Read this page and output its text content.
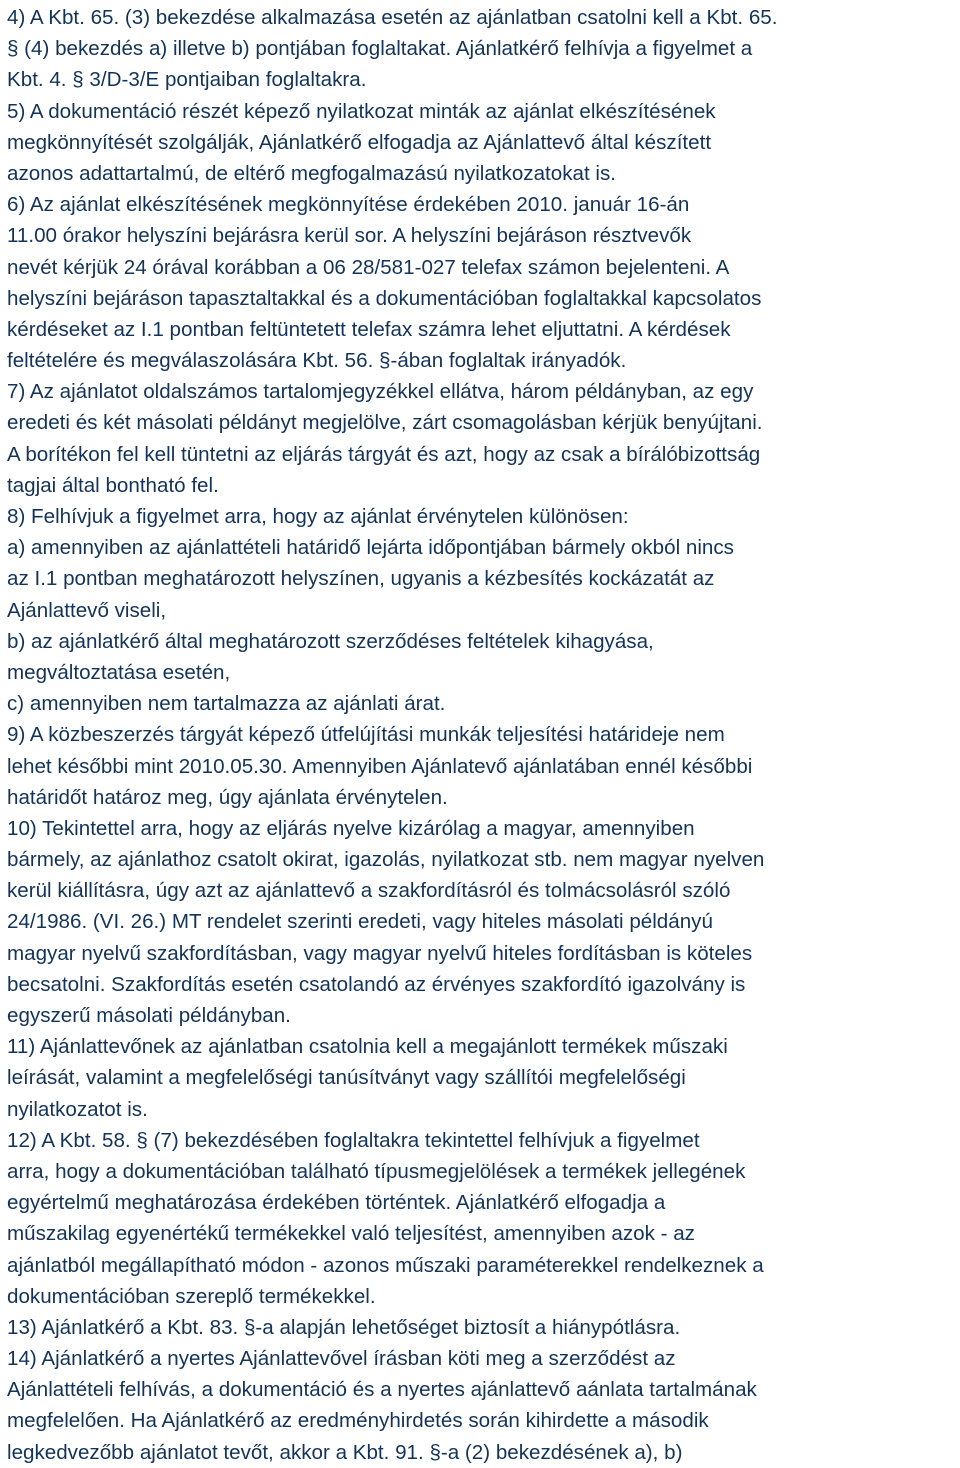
4) A Kbt. 65. (3) bekezdése alkalmazása esetén az ajánlatban csatolni kell a Kbt. 65.
§ (4) bekezdés a) illetve b) pontjában foglaltakat. Ajánlatkérő felhívja a figyelmet a
Kbt. 4. § 3/D-3/E pontjaiban foglaltakra.
5) A dokumentáció részét képező nyilatkozat minták az ajánlat elkészítésének
megkönnyítését szolgálják, Ajánlatkérő elfogadja az Ajánlattevő által készített
azonos adattartalmú, de eltérő megfogalmazású nyilatkozatokat is.
6) Az ajánlat elkészítésének megkönnyítése érdekében 2010. január 16-án
11.00 órakor helyszíni bejárásra kerül sor. A helyszíni bejáráson résztvevők
nevét kérjük 24 órával korábban a 06 28/581-027 telefax számon bejelenteni. A
helyszíni bejáráson tapasztaltakkal és a dokumentációban foglaltakkal kapcsolatos
kérdéseket az I.1 pontban feltüntetett telefax számra lehet eljuttatni. A kérdések
feltételére és megválaszolására Kbt. 56. §-ában foglaltak irányadók.
7) Az ajánlatot oldalszámos tartalomjegyzékkel ellátva, három példányban, az egy
eredeti és két másolati példányt megjelölve, zárt csomagolásban kérjük benyújtani.
A borítékon fel kell tüntetni az eljárás tárgyát és azt, hogy az csak a bírálóbizottság
tagjai által bontható fel.
8) Felhívjuk a figyelmet arra, hogy az ajánlat érvénytelen különösen:
a) amennyiben az ajánlattételi határidő lejárta időpontjában bármely okból nincs
az I.1 pontban meghatározott helyszínen, ugyanis a kézbesítés kockázatát az
Ajánlattevő viseli,
b) az ajánlatkérő által meghatározott szerződéses feltételek kihagyása,
megváltoztatása esetén,
c) amennyiben nem tartalmazza az ajánlati árat.
9) A közbeszerzés tárgyát képező útfelújítási munkák teljesítési határideje nem
lehet későbbi mint 2010.05.30. Amennyiben Ajánlatevő ajánlatában ennél későbbi
határidőt határoz meg, úgy ajánlata érvénytelen.
10) Tekintettel arra, hogy az eljárás nyelve kizárólag a magyar, amennyiben
bármely, az ajánlathoz csatolt okirat, igazolás, nyilatkozat stb. nem magyar nyelven
kerül kiállításra, úgy azt az ajánlattevő a szakfordításról és tolmácsolásról szóló
24/1986. (VI. 26.) MT rendelet szerinti eredeti, vagy hiteles másolati példányú
magyar nyelvű szakfordításban, vagy magyar nyelvű hiteles fordításban is köteles
becsatolni. Szakfordítás esetén csatolandó az érvényes szakfordító igazolvány is
egyszerű másolati példányban.
11) Ajánlattevőnek az ajánlatban csatolnia kell a megajánlott termékek műszaki
leírását, valamint a megfelelőségi tanúsítványt vagy szállítói megfelelőségi
nyilatkozatot is.
12) A Kbt. 58. § (7) bekezdésében foglaltakra tekintettel felhívjuk a figyelmet
arra, hogy a dokumentációban található típusmegjelölések a termékek jellegének
egyértelmű meghatározása érdekében történtek. Ajánlatkérő elfogadja a
műszakilag egyenértékű termékekkel való teljesítést, amennyiben azok - az
ajánlatból megállapítható módon - azonos műszaki paraméterekkel rendelkeznek a
dokumentációban szereplő termékekkel.
13) Ajánlatkérő a Kbt. 83. §-a alapján lehetőséget biztosít a hiánypótlásra.
14) Ajánlatkérő a nyertes Ajánlattevővel írásban köti meg a szerződést az
Ajánlattételi felhívás, a dokumentáció és a nyertes ajánlattevő aánlata tartalmának
megfelelően. Ha Ajánlatkérő az eredményhirdetés során kihirdette a második
legkedvezőbb ajánlatot tevőt, akkor a Kbt. 91. §-a (2) bekezdésének a), b)
